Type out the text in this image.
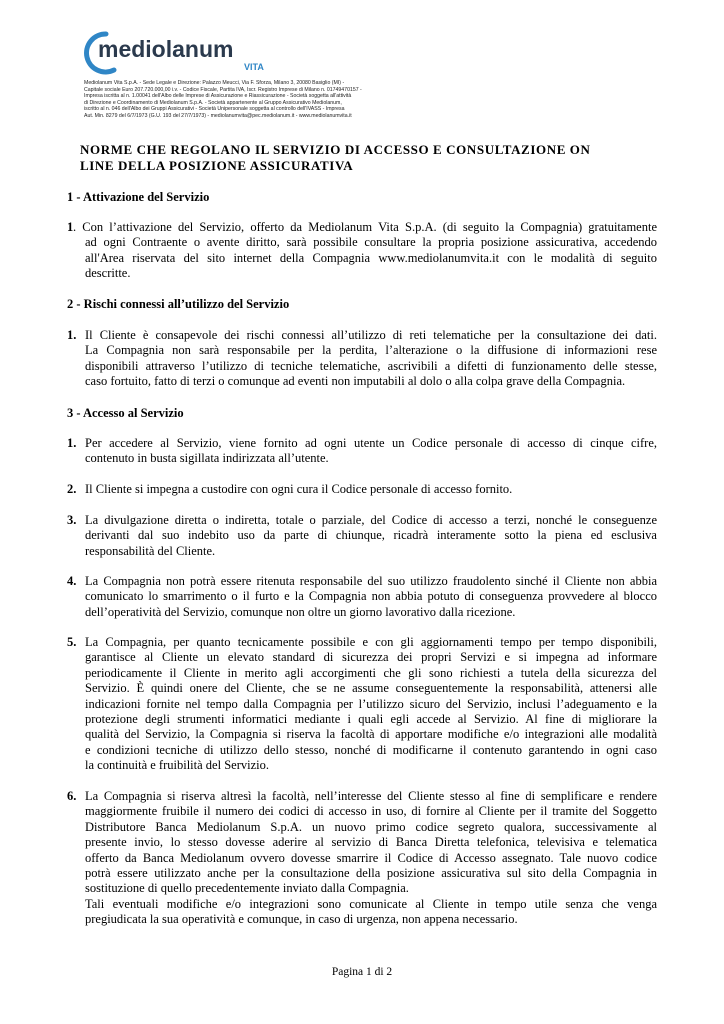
mediolanum
VITA
Mediolanum Vita S.p.A. - Sede Legale e Direzione: Palazzo Meucci, Via F. Sforza, Milano 3, 20080 Basiglio (MI) -
Capitale sociale Euro 207.720.000,00 i.v. - Codice Fiscale, Partita IVA, Iscr. Registro Imprese di Milano n. 01749470157 -
Impresa iscritta al n. 1.00041 dell'Albo delle Imprese di Assicurazione e Riassicurazione - Società soggetta all'attività
di Direzione e Coordinamento di Mediolanum S.p.A. - Società appartenente al Gruppo Assicurativo Mediolanum,
iscritto al n. 046 dell'Albo dei Gruppi Assicurativi - Società Unipersonale soggetta al controllo dell'IVASS - Impresa
Aut. Min. 8279 del 6/7/1973 (G.U. 193 del 27/7/1973) - mediolanumvita@pec.mediolanum.it - www.mediolanumvita.it
NORME CHE REGOLANO IL SERVIZIO DI ACCESSO E CONSULTAZIONE ON
LINE DELLA POSIZIONE ASSICURATIVA
1 - Attivazione del Servizio
1 . Con l’attivazione del Servizio, offerto da Mediolanum Vita S.p.A. (di seguito la Compagnia) gratuitamente
ad ogni Contraente o avente diritto, sarà possibile consultare la propria posizione assicurativa, accedendo
all'Area riservata del sito internet della Compagnia www.mediolanumvita.it con le modalità di seguito
descritte.
2 - Rischi connessi all’utilizzo del Servizio
1. Il Cliente è consapevole dei rischi connessi all’utilizzo di reti telematiche per la consultazione dei dati.
La Compagnia non sarà responsabile per la perdita, l’alterazione o la diffusione di informazioni rese
disponibili attraverso l’utilizzo di tecniche telematiche, ascrivibili a difetti di funzionamento delle stesse,
caso fortuito, fatto di terzi o comunque ad eventi non imputabili al dolo o alla colpa grave della Compagnia.
3 - Accesso al Servizio
1. Per accedere al Servizio, viene fornito ad ogni utente un Codice personale di accesso di cinque cifre,
contenuto in busta sigillata indirizzata all’utente.
2. Il Cliente si impegna a custodire con ogni cura il Codice personale di accesso fornito.
3. La divulgazione diretta o indiretta, totale o parziale, del Codice di accesso a terzi, nonché le conseguenze
derivanti dal suo indebito uso da parte di chiunque, ricadrà interamente sotto la piena ed esclusiva
responsabilità del Cliente.
4. La Compagnia non potrà essere ritenuta responsabile del suo utilizzo fraudolento sinché il Cliente non abbia
comunicato lo smarrimento o il furto e la Compagnia non abbia potuto di conseguenza provvedere al blocco
dell’operatività del Servizio, comunque non oltre un giorno lavorativo dalla ricezione.
5. La Compagnia, per quanto tecnicamente possibile e con gli aggiornamenti tempo per tempo disponibili,
garantisce al Cliente un elevato standard di sicurezza dei propri Servizi e si impegna ad informare
periodicamente il Cliente in merito agli accorgimenti che gli sono richiesti a tutela della sicurezza del
Servizio. È quindi onere del Cliente, che se ne assume conseguentemente la responsabilità, attenersi alle
indicazioni fornite nel tempo dalla Compagnia per l’utilizzo sicuro del Servizio, inclusi l’adeguamento e la
protezione degli strumenti informatici mediante i quali egli accede al Servizio. Al fine di migliorare la
qualità del Servizio, la Compagnia si riserva la facoltà di apportare modifiche e/o integrazioni alle modalità
e condizioni tecniche di utilizzo dello stesso, nonché di modificarne il contenuto garantendo in ogni caso
la continuità e fruibilità del Servizio.
6. La Compagnia si riserva altresì la facoltà, nell’interesse del Cliente stesso al fine di semplificare e rendere
maggiormente fruibile il numero dei codici di accesso in uso, di fornire al Cliente per il tramite del Soggetto
Distributore Banca Mediolanum S.p.A. un nuovo primo codice segreto qualora, successivamente al
presente invio, lo stesso dovesse aderire al servizio di Banca Diretta telefonica, televisiva e telematica
offerto da Banca Mediolanum ovvero dovesse smarrire il Codice di Accesso assegnato. Tale nuovo codice
potrà essere utilizzato anche per la consultazione della posizione assicurativa sul sito della Compagnia in
sostituzione di quello precedentemente inviato dalla Compagnia.
Tali eventuali modifiche e/o integrazioni sono comunicate al Cliente in tempo utile senza che venga
pregiudicata la sua operatività e comunque, in caso di urgenza, non appena necessario.
Pagina 1 di 2
